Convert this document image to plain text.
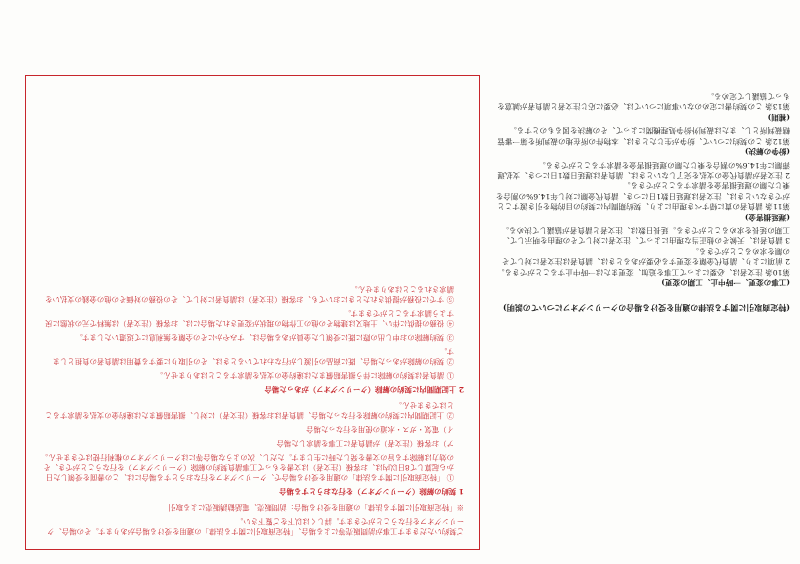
(工事の変更、一時中止、工期の変更)

第10条 注文者は、必要によって工事を追加、変更または一時中止することができる。

2 前項により、請負代金額を変更する必要があるときは、請負者は注文者に対してその額を求めることができる。

3 請負者は、天候その他正当な理由によって、注文者に対してその理由を明示して、工期の延長を求めることができる。延長日数は、注文者と請負者が協議して決める。

(遅延損害金)

第11条 請負者の責に帰すべき理由により、契約期間内に契約の目的物を引き渡すことができないときは、注文者は遅延日数1日につき、請負代金額に対し年14.6%の割合を乗じた額の遅延損害金を請求することができる。

2 注文者が請負代金の支払を完了しないときは、請負者は遅延日数1日につき、支払遅滞額に年14.6%の割合を乗じた額の遅延損害金を請求することができる。

(紛争の解決)

第12条 この契約について、紛争が生じたときは、本物件の所在地の裁判所を第一審管轄裁判所とし、または裁判外紛争処理機関によって、その解決を図るものとする。

(補則)

第13条 この契約書に定めのない事項については、必要に応じ注文者と請負者が誠意をもって協議して定める。

(特定商取引に関する法律の適用を受ける場合のクーリングオフについての説明)

ご契約いただきます工事が訪問販売等による場合、「特定商取引に関する法律」の適用を受ける場合があります。その場合、クーリングオフを行なうことができます。詳しくは以下をご覧下さい。

※「特定商取引に関する法律」の適用を受ける場合：訪問販売、電話勧誘販売による取引

1 契約の解除（クーリングオフ）を行なおうとする場合

① 「特定商取引に関する法律」の適用を受ける場合で、クーリングオフを行なおうとする場合には、この書面を受領した日から起算して8日以内は、お客様（注文者）は文書をもって工事請負契約の解除（クーリングオフ）を行なうことができ、その効力は解除する旨の文書を発した時に生じます。ただし、次のような場合等にはクーリングオフの権利行使はできません。

ア）お客様（注文者）が請負者に工事を請求した場合

イ）電気・ガス・水道の使用を行なった場合

② 上記期間内に契約の解除を行なった場合、請負者はお客様（注文者）に対し、損害賠償または違約金の支払を請求することはできません。

2 上記期間内に契約の解除（クーリングオフ）があった場合

① 請負者は契約の解除に伴う損害賠償または違約金の支払を請求することはありません。

② 契約の解除があった場合、既に商品の引渡しが行なわれているときは、その引取りに要する費用は請負者の負担とします。

③ 契約解除のお申し出の際に既に受領した金員がある場合は、すみやかにその全額を無利息にて返還いたします。

④ 役務の提供に伴い、土地又は建物その他の工作物の現状が変更された場合には、お客様（注文者）は無料で元の状態に戻すよう請求することができます。

⑤ すでに役務が提供されたときにおいても、お客様（注文者）は請負者に対して、その役務の対価その他の金銭の支払いを請求されることはありません。
